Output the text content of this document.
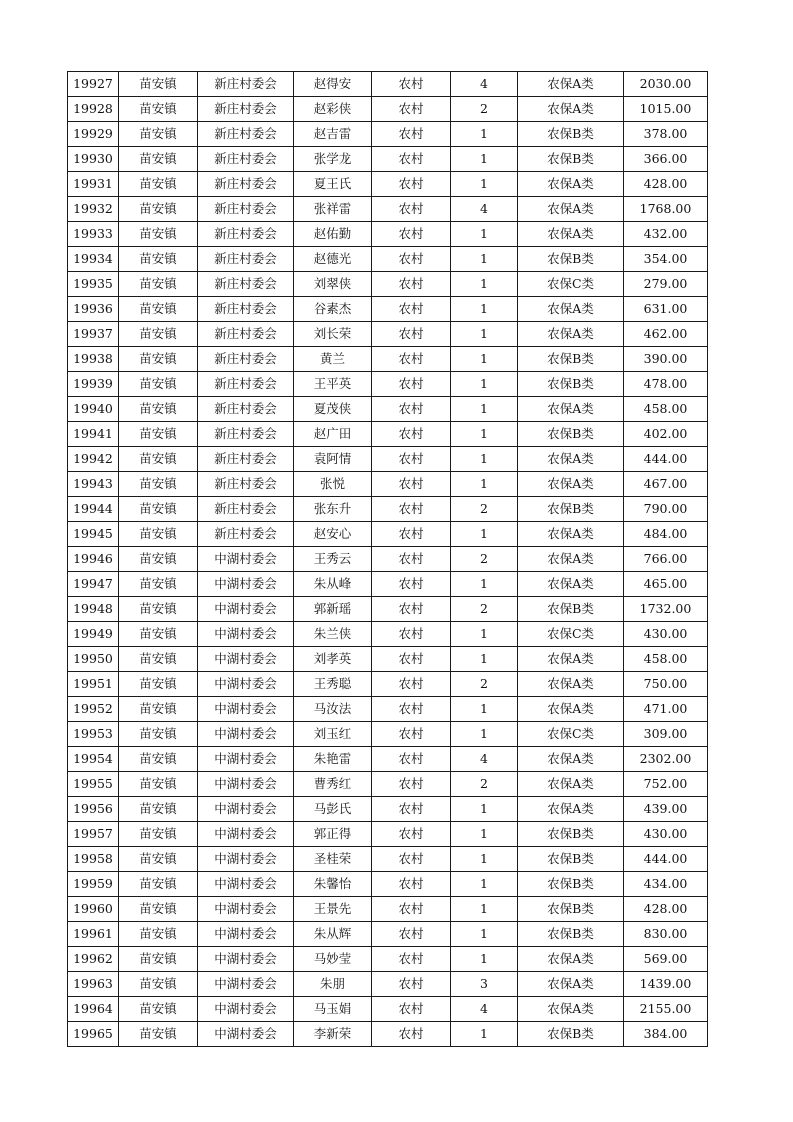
19927	苗安镇	新庄村委会	赵得安	农村	4	农保A类	2030.00
19928	苗安镇	新庄村委会	赵彩侠	农村	2	农保A类	1015.00
19929	苗安镇	新庄村委会	赵吉雷	农村	1	农保B类	378.00
19930	苗安镇	新庄村委会	张学龙	农村	1	农保B类	366.00
19931	苗安镇	新庄村委会	夏王氏	农村	1	农保A类	428.00
19932	苗安镇	新庄村委会	张祥雷	农村	4	农保A类	1768.00
19933	苗安镇	新庄村委会	赵佑勤	农村	1	农保A类	432.00
19934	苗安镇	新庄村委会	赵德光	农村	1	农保B类	354.00
19935	苗安镇	新庄村委会	刘翠侠	农村	1	农保C类	279.00
19936	苗安镇	新庄村委会	谷素杰	农村	1	农保A类	631.00
19937	苗安镇	新庄村委会	刘长荣	农村	1	农保A类	462.00
19938	苗安镇	新庄村委会	黄兰	农村	1	农保B类	390.00
19939	苗安镇	新庄村委会	王平英	农村	1	农保B类	478.00
19940	苗安镇	新庄村委会	夏茂侠	农村	1	农保A类	458.00
19941	苗安镇	新庄村委会	赵广田	农村	1	农保B类	402.00
19942	苗安镇	新庄村委会	袁阿情	农村	1	农保A类	444.00
19943	苗安镇	新庄村委会	张悦	农村	1	农保A类	467.00
19944	苗安镇	新庄村委会	张东升	农村	2	农保B类	790.00
19945	苗安镇	新庄村委会	赵安心	农村	1	农保A类	484.00
19946	苗安镇	中湖村委会	王秀云	农村	2	农保A类	766.00
19947	苗安镇	中湖村委会	朱从峰	农村	1	农保A类	465.00
19948	苗安镇	中湖村委会	郭新瑶	农村	2	农保B类	1732.00
19949	苗安镇	中湖村委会	朱兰侠	农村	1	农保C类	430.00
19950	苗安镇	中湖村委会	刘孝英	农村	1	农保A类	458.00
19951	苗安镇	中湖村委会	王秀聪	农村	2	农保A类	750.00
19952	苗安镇	中湖村委会	马汝法	农村	1	农保A类	471.00
19953	苗安镇	中湖村委会	刘玉红	农村	1	农保C类	309.00
19954	苗安镇	中湖村委会	朱艳雷	农村	4	农保A类	2302.00
19955	苗安镇	中湖村委会	曹秀红	农村	2	农保A类	752.00
19956	苗安镇	中湖村委会	马彭氏	农村	1	农保A类	439.00
19957	苗安镇	中湖村委会	郭正得	农村	1	农保B类	430.00
19958	苗安镇	中湖村委会	圣桂荣	农村	1	农保B类	444.00
19959	苗安镇	中湖村委会	朱馨怡	农村	1	农保B类	434.00
19960	苗安镇	中湖村委会	王景先	农村	1	农保B类	428.00
19961	苗安镇	中湖村委会	朱从辉	农村	1	农保B类	830.00
19962	苗安镇	中湖村委会	马妙莹	农村	1	农保A类	569.00
19963	苗安镇	中湖村委会	朱朋	农村	3	农保A类	1439.00
19964	苗安镇	中湖村委会	马玉娟	农村	4	农保A类	2155.00
19965	苗安镇	中湖村委会	李新荣	农村	1	农保B类	384.00
